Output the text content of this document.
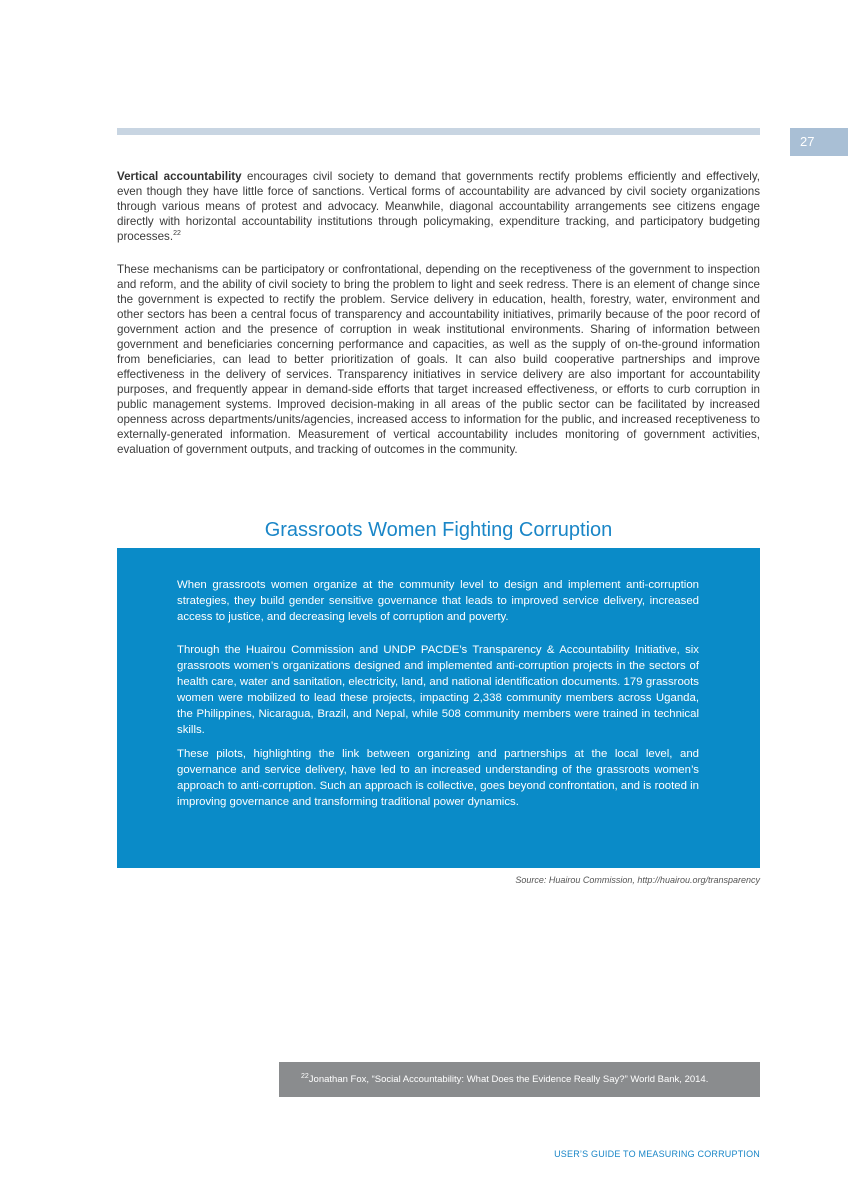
27

Vertical accountability encourages civil society to demand that governments rectify problems efficiently and effectively, even though they have little force of sanctions. Vertical forms of accountability are advanced by civil society organizations through various means of protest and advocacy. Meanwhile, diagonal accountability arrangements see citizens engage directly with horizontal accountability institutions through policymaking, expenditure tracking, and participatory budgeting processes.$^{22}$

These mechanisms can be participatory or confrontational, depending on the receptiveness of the government to inspection and reform, and the ability of civil society to bring the problem to light and seek redress. There is an element of change since the government is expected to rectify the problem. Service delivery in education, health, forestry, water, environment and other sectors has been a central focus of transparency and accountability initiatives, primarily because of the poor record of government action and the presence of corruption in weak institutional environments. Sharing of information between government and beneficiaries concerning performance and capacities, as well as the supply of on-the-ground information from beneficiaries, can lead to better prioritization of goals. It can also build cooperative partnerships and improve effectiveness in the delivery of services. Transparency initiatives in service delivery are also important for accountability purposes, and frequently appear in demand-side efforts that target increased effectiveness, or efforts to curb corruption in public management systems. Improved decision-making in all areas of the public sector can be facilitated by increased openness across departments/units/agencies, increased access to information for the public, and increased receptiveness to externally-generated information. Measurement of vertical accountability includes monitoring of government activities, evaluation of government outputs, and tracking of outcomes in the community.

Grassroots Women Fighting Corruption

When grassroots women organize at the community level to design and implement anti-corruption strategies, they build gender sensitive governance that leads to improved service delivery, increased access to justice, and decreasing levels of corruption and poverty.

Through the Huairou Commission and UNDP PACDE’s Transparency & Accountability Initiative, six grassroots women’s organizations designed and implemented anti-corruption projects in the sectors of health care, water and sanitation, electricity, land, and national identification documents. 179 grassroots women were mobilized to lead these projects, impacting 2,338 community members across Uganda, the Philippines, Nicaragua, Brazil, and Nepal, while 508 community members were trained in technical skills.

These pilots, highlighting the link between organizing and partnerships at the local level, and governance and service delivery, have led to an increased understanding of the grassroots women’s approach to anti-corruption. Such an approach is collective, goes beyond confrontation, and is rooted in improving governance and transforming traditional power dynamics.

Source: Huairou Commission, http://huairou.org/transparency

$^{22}$Jonathan Fox, “Social Accountability: What Does the Evidence Really Say?” World Bank, 2014.
USER’S GUIDE TO MEASURING CORRUPTION
